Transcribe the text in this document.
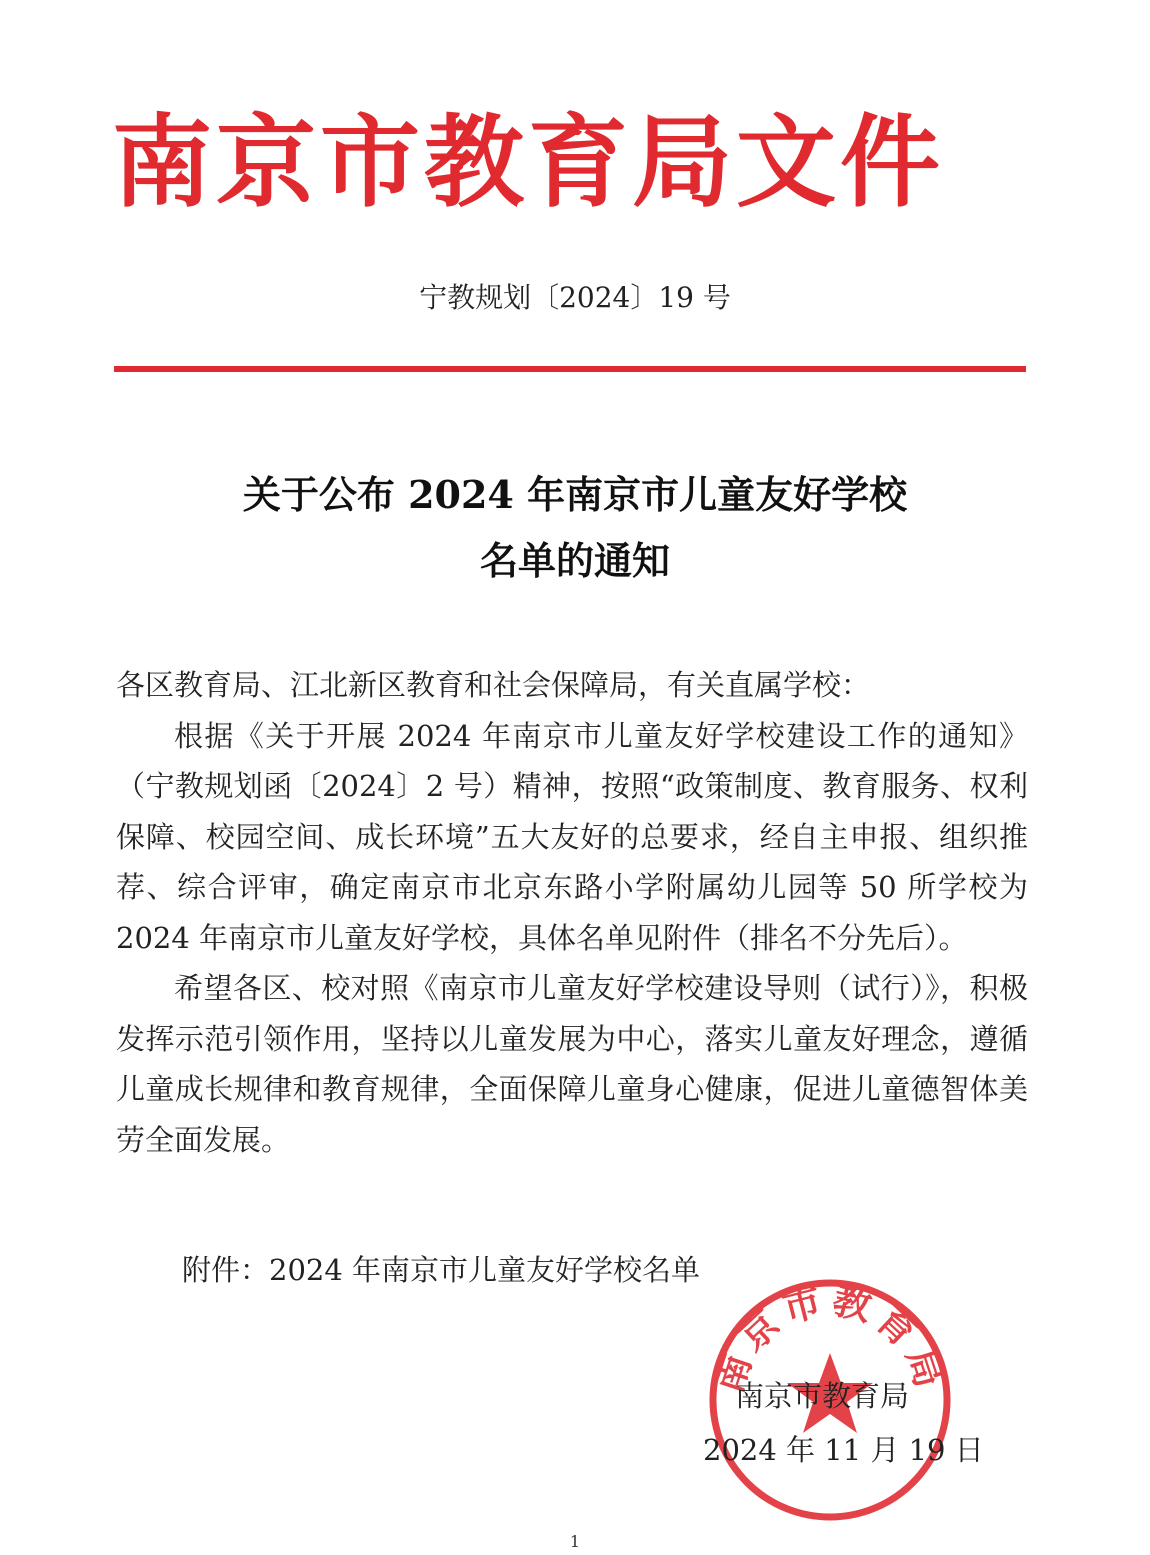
南京市教育局文件
宁教规划〔2024〕19 号
关于公布 2024 年南京市儿童友好学校
名单的通知

各区教育局、江北新区教育和社会保障局，有关直属学校：

根据《关于开展 2024 年南京市儿童友好学校建设工作的通知》（宁教规划函〔2024〕2 号）精神，按照“政策制度、教育服务、权利保障、校园空间、成长环境”五大友好的总要求，经自主申报、组织推荐、综合评审，确定南京市北京东路小学附属幼儿园等 50 所学校为 2024 年南京市儿童友好学校，具体名单见附件（排名不分先后）。

希望各区、校对照《南京市儿童友好学校建设导则（试行）》，积极发挥示范引领作用，坚持以儿童发展为中心，落实儿童友好理念，遵循儿童成长规律和教育规律，全面保障儿童身心健康，促进儿童德智体美劳全面发展。

附件：2024 年南京市儿童友好学校名单
南京市教育局
南京市教育局
2024 年 11 月 19 日
1
